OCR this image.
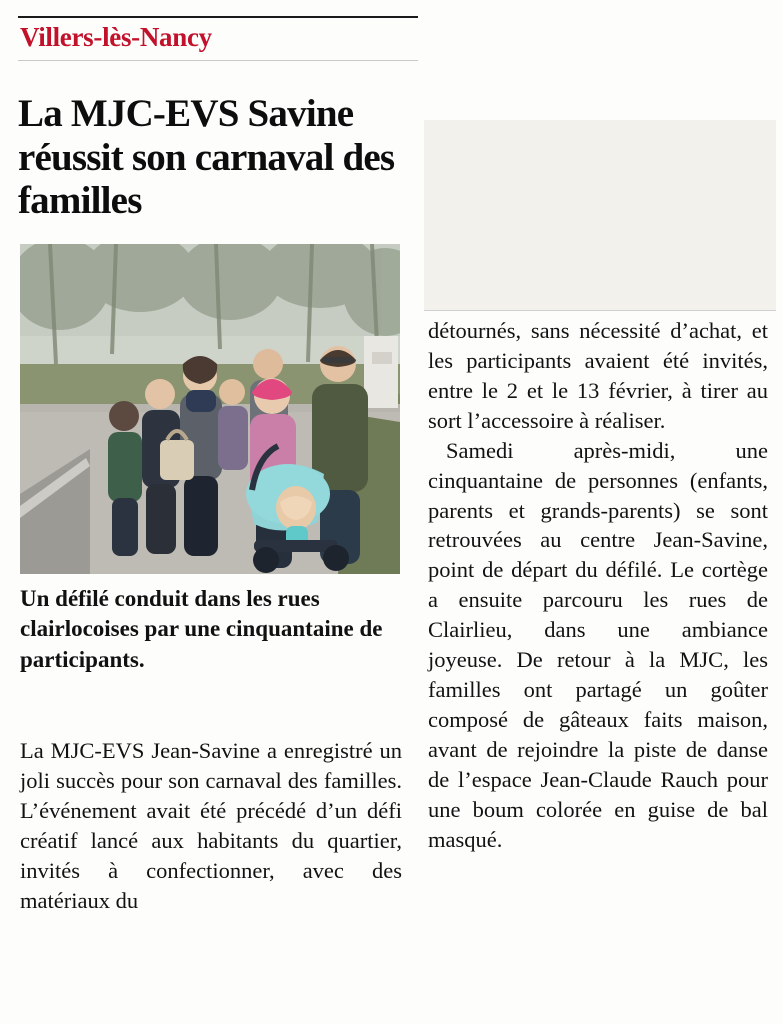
Villers-lès-Nancy
La MJC-EVS Savine réussit son carnaval des familles
Un défilé conduit dans les rues clairlocoises par une cinquantaine de participants.
La MJC-EVS Jean-Savine a enregistré un joli succès pour son carnaval des familles. L’événement avait été précédé d’un défi créatif lancé aux habitants du quartier, invités à confectionner, avec des matériaux du

détournés, sans nécessité d’achat, et les participants avaient été invités, entre le 2 et le 13 février, à tirer au sort l’accessoire à réaliser.

Samedi après-midi, une cinquantaine de personnes (enfants, parents et grands-parents) se sont retrouvées au centre Jean-Savine, point de départ du défilé. Le cortège a ensuite parcouru les rues de Clairlieu, dans une ambiance joyeuse. De retour à la MJC, les familles ont partagé un goûter composé de gâteaux faits maison, avant de rejoindre la piste de danse de l’espace Jean-Claude Rauch pour une boum colorée en guise de bal masqué.
